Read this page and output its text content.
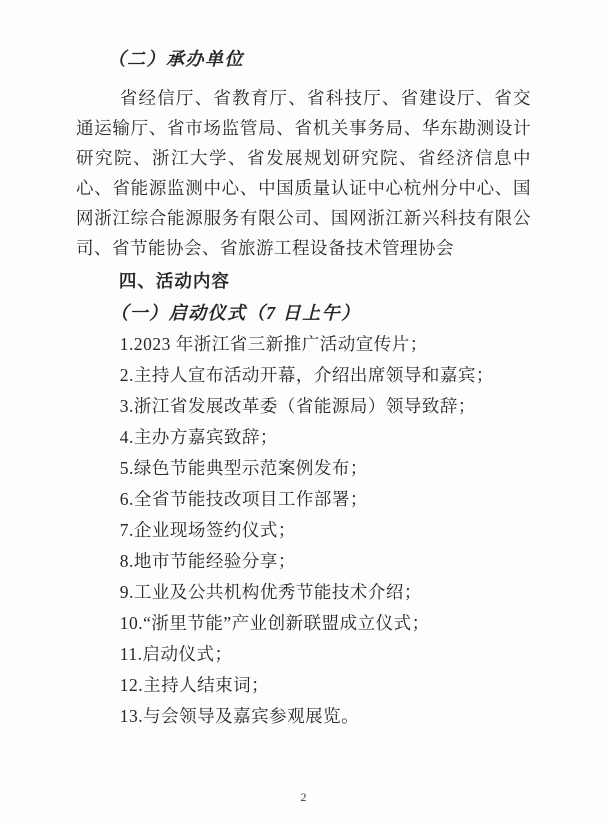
（二）承办单位

省经信厅、省教育厅、省科技厅、省建设厅、省交通运输厅、省市场监管局、省机关事务局、华东勘测设计研究院、浙江大学、省发展规划研究院、省经济信息中心、省能源监测中心、中国质量认证中心杭州分中心、国网浙江综合能源服务有限公司、国网浙江新兴科技有限公司、省节能协会、省旅游工程设备技术管理协会

四、活动内容
（一）启动仪式（7 日上午）
1.2023 年浙江省三新推广活动宣传片；
2.主持人宣布活动开幕，介绍出席领导和嘉宾；
3.浙江省发展改革委（省能源局）领导致辞；
4.主办方嘉宾致辞；
5.绿色节能典型示范案例发布；
6.全省节能技改项目工作部署；
7.企业现场签约仪式；
8.地市节能经验分享；
9.工业及公共机构优秀节能技术介绍；
10.“浙里节能”产业创新联盟成立仪式；
11.启动仪式；
12.主持人结束词；
13.与会领导及嘉宾参观展览。
2
